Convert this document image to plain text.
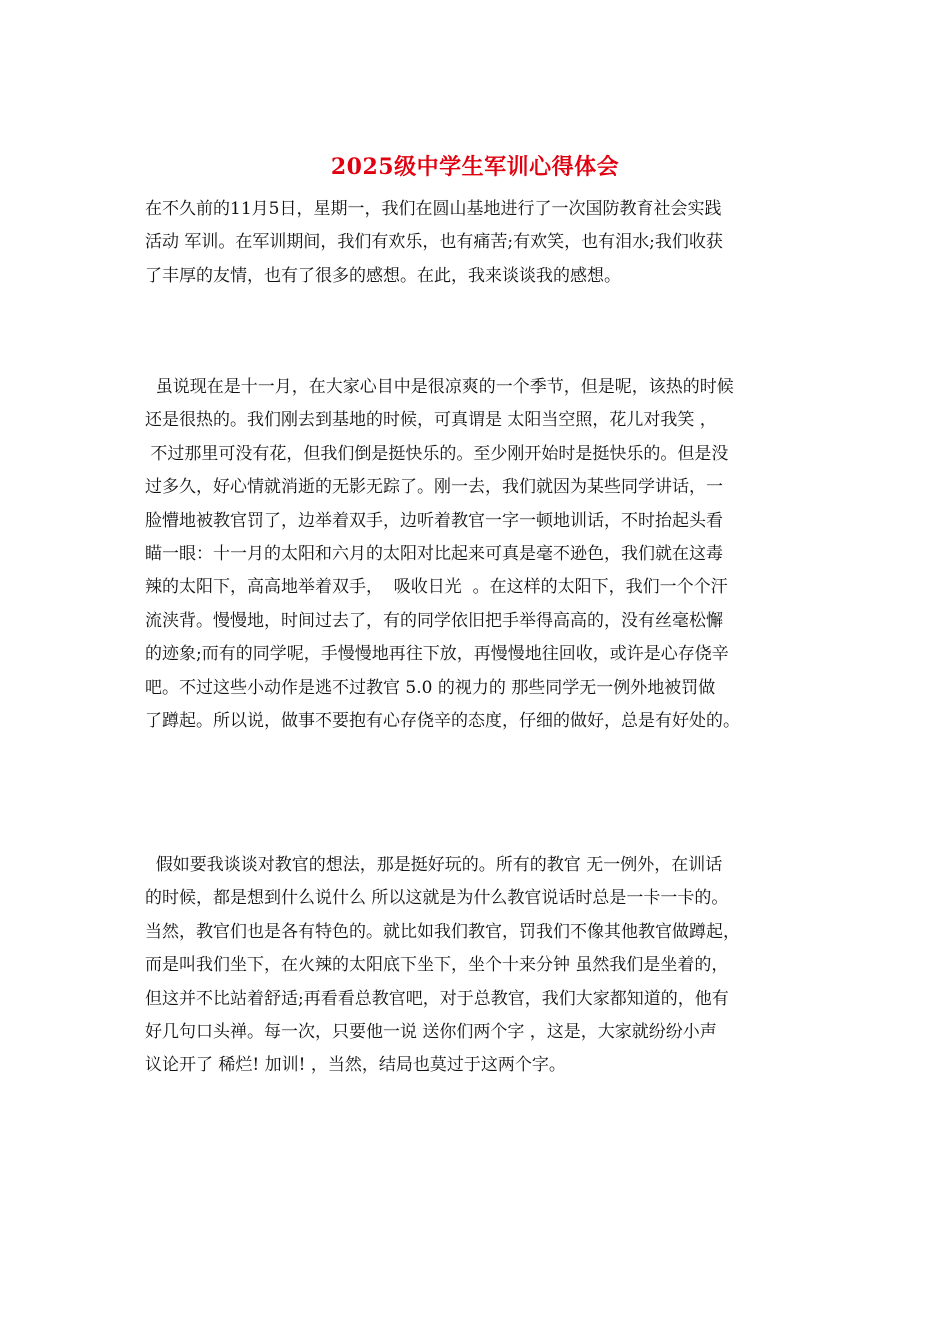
2025级中学生军训心得体会
在不久前的11月5日，星期一，我们在圆山基地进行了一次国防教育社会实践
活动 军训。在军训期间，我们有欢乐，也有痛苦;有欢笑，也有泪水;我们收获
了丰厚的友情，也有了很多的感想。在此，我来谈谈我的感想。
虽说现在是十一月，在大家心目中是很凉爽的一个季节，但是呢，该热的时候
还是很热的。我们刚去到基地的时候，可真谓是 太阳当空照，花儿对我笑 ，
不过那里可没有花，但我们倒是挺快乐的。至少刚开始时是挺快乐的。但是没
过多久，好心情就消逝的无影无踪了。刚一去，我们就因为某些同学讲话，一
脸懵地被教官罚了，边举着双手，边听着教官一字一顿地训话，不时抬起头看
瞄一眼：十一月的太阳和六月的太阳对比起来可真是毫不逊色，我们就在这毒
辣的太阳下，高高地举着双手，  吸收日光  。在这样的太阳下，我们一个个汗
流浃背。慢慢地，时间过去了，有的同学依旧把手举得高高的，没有丝毫松懈
的迹象;而有的同学呢，手慢慢地再往下放，再慢慢地往回收，或许是心存侥辛
吧。不过这些小动作是逃不过教官 5.0 的视力的 那些同学无一例外地被罚做
了蹲起。所以说，做事不要抱有心存侥辛的态度，仔细的做好，总是有好处的。
假如要我谈谈对教官的想法，那是挺好玩的。所有的教官 无一例外，在训话
的时候，都是想到什么说什么 所以这就是为什么教官说话时总是一卡一卡的。
当然，教官们也是各有特色的。就比如我们教官，罚我们不像其他教官做蹲起，
而是叫我们坐下，在火辣的太阳底下坐下，坐个十来分钟 虽然我们是坐着的，
但这并不比站着舒适;再看看总教官吧，对于总教官，我们大家都知道的，他有
好几句口头禅。每一次，只要他一说 送你们两个字 ，这是，大家就纷纷小声
议论开了 稀烂! 加训! ，当然，结局也莫过于这两个字。
